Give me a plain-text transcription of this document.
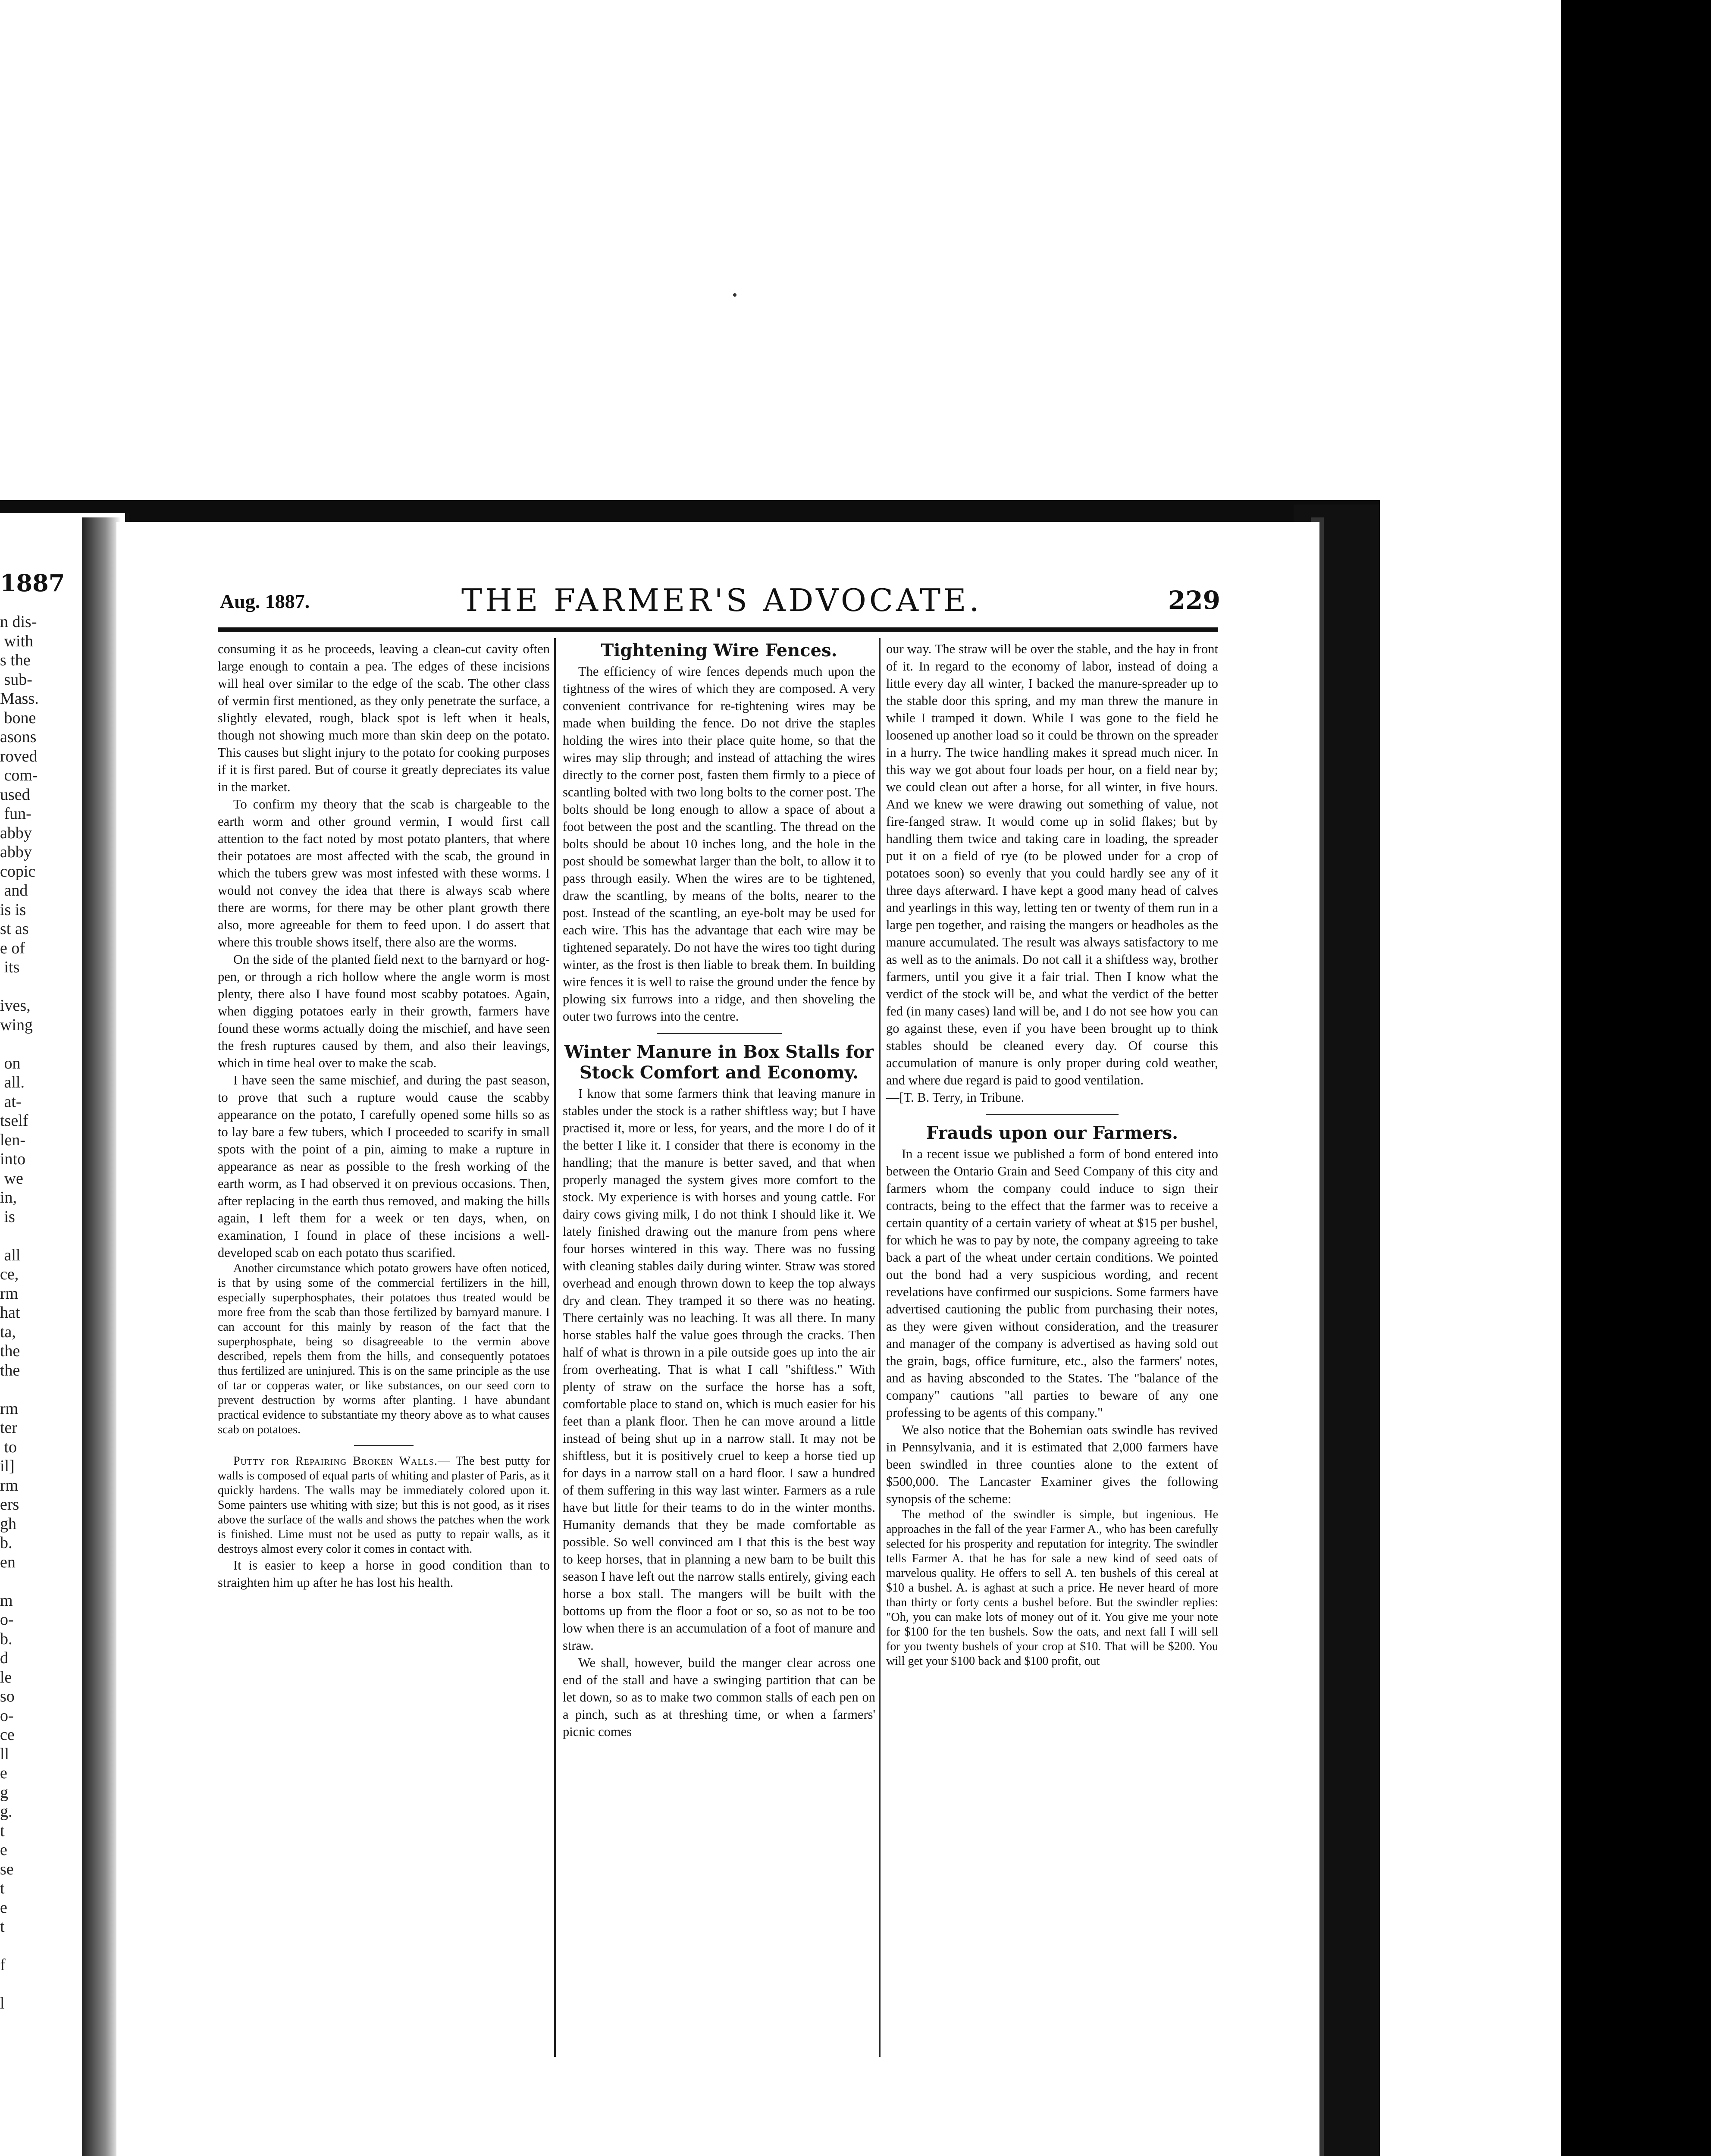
1887
n dis-
with
s the
sub-
Mass.
bone
asons
roved
com-
used
fun-
abby
abby
copic
and
is is
st as
e of
its

ives,
wing

on
all.
at-
tself
len-
into
we
in,
is

all
ce,
rm
hat
ta,
the
the

rm
ter
to
il]
rm
ers
gh
b.
en

m
o-
b.
d
le
so
o-
ce
ll
e
g
g.
t
e
se
t
e
t

f

l
Aug. 1887.	THE FARMER'S ADVOCATE.	229

consuming it as he proceeds, leaving a clean-cut cavity often large enough to contain a pea. The edges of these incisions will heal over similar to the edge of the scab. The other class of vermin first mentioned, as they only penetrate the surface, a slightly elevated, rough, black spot is left when it heals, though not showing much more than skin deep on the potato. This causes but slight injury to the potato for cooking purposes if it is first pared. But of course it greatly depreciates its value in the market.

To confirm my theory that the scab is chargeable to the earth worm and other ground vermin, I would first call attention to the fact noted by most potato planters, that where their potatoes are most affected with the scab, the ground in which the tubers grew was most infested with these worms. I would not convey the idea that there is always scab where there are worms, for there may be other plant growth there also, more agreeable for them to feed upon. I do assert that where this trouble shows itself, there also are the worms.

On the side of the planted field next to the barnyard or hog-pen, or through a rich hollow where the angle worm is most plenty, there also I have found most scabby potatoes. Again, when digging potatoes early in their growth, farmers have found these worms actually doing the mischief, and have seen the fresh ruptures caused by them, and also their leavings, which in time heal over to make the scab.

I have seen the same mischief, and during the past season, to prove that such a rupture would cause the scabby appearance on the potato, I carefully opened some hills so as to lay bare a few tubers, which I proceeded to scarify in small spots with the point of a pin, aiming to make a rupture in appearance as near as possible to the fresh working of the earth worm, as I had observed it on previous occasions. Then, after replacing in the earth thus removed, and making the hills again, I left them for a week or ten days, when, on examination, I found in place of these incisions a well-developed scab on each potato thus scarified.

Another circumstance which potato growers have often noticed, is that by using some of the commercial fertilizers in the hill, especially superphosphates, their potatoes thus treated would be more free from the scab than those fertilized by barnyard manure. I can account for this mainly by reason of the fact that the superphosphate, being so disagreeable to the vermin above described, repels them from the hills, and consequently potatoes thus fertilized are uninjured. This is on the same principle as the use of tar or copperas water, or like substances, on our seed corn to prevent destruction by worms after planting. I have abundant practical evidence to substantiate my theory above as to what causes scab on potatoes.

Putty for Repairing Broken Walls.— The best putty for walls is composed of equal parts of whiting and plaster of Paris, as it quickly hardens. The walls may be immediately colored upon it. Some painters use whiting with size; but this is not good, as it rises above the surface of the walls and shows the patches when the work is finished. Lime must not be used as putty to repair walls, as it destroys almost every color it comes in contact with.

It is easier to keep a horse in good condition than to straighten him up after he has lost his health.

Tightening Wire Fences.

The efficiency of wire fences depends much upon the tightness of the wires of which they are composed. A very convenient contrivance for re-tightening wires may be made when building the fence. Do not drive the staples holding the wires into their place quite home, so that the wires may slip through; and instead of attaching the wires directly to the corner post, fasten them firmly to a piece of scantling bolted with two long bolts to the corner post. The bolts should be long enough to allow a space of about a foot between the post and the scantling. The thread on the bolts should be about 10 inches long, and the hole in the post should be somewhat larger than the bolt, to allow it to pass through easily. When the wires are to be tightened, draw the scantling, by means of the bolts, nearer to the post. Instead of the scantling, an eye-bolt may be used for each wire. This has the advantage that each wire may be tightened separately. Do not have the wires too tight during winter, as the frost is then liable to break them. In building wire fences it is well to raise the ground under the fence by plowing six furrows into a ridge, and then shoveling the outer two furrows into the centre.

Winter Manure in Box Stalls for Stock Comfort and Economy.

I know that some farmers think that leaving manure in stables under the stock is a rather shiftless way; but I have practised it, more or less, for years, and the more I do of it the better I like it. I consider that there is economy in the handling; that the manure is better saved, and that when properly managed the system gives more comfort to the stock. My experience is with horses and young cattle. For dairy cows giving milk, I do not think I should like it. We lately finished drawing out the manure from pens where four horses wintered in this way. There was no fussing with cleaning stables daily during winter. Straw was stored overhead and enough thrown down to keep the top always dry and clean. They tramped it so there was no heating. There certainly was no leaching. It was all there. In many horse stables half the value goes through the cracks. Then half of what is thrown in a pile outside goes up into the air from overheating. That is what I call "shiftless." With plenty of straw on the surface the horse has a soft, comfortable place to stand on, which is much easier for his feet than a plank floor. Then he can move around a little instead of being shut up in a narrow stall. It may not be shiftless, but it is positively cruel to keep a horse tied up for days in a narrow stall on a hard floor. I saw a hundred of them suffering in this way last winter. Farmers as a rule have but little for their teams to do in the winter months. Humanity demands that they be made comfortable as possible. So well convinced am I that this is the best way to keep horses, that in planning a new barn to be built this season I have left out the narrow stalls entirely, giving each horse a box stall. The mangers will be built with the bottoms up from the floor a foot or so, so as not to be too low when there is an accumulation of a foot of manure and straw.

We shall, however, build the manger clear across one end of the stall and have a swinging partition that can be let down, so as to make two common stalls of each pen on a pinch, such as at threshing time, or when a farmers' picnic comes

our way. The straw will be over the stable, and the hay in front of it. In regard to the economy of labor, instead of doing a little every day all winter, I backed the manure-spreader up to the stable door this spring, and my man threw the manure in while I tramped it down. While I was gone to the field he loosened up another load so it could be thrown on the spreader in a hurry. The twice handling makes it spread much nicer. In this way we got about four loads per hour, on a field near by; we could clean out after a horse, for all winter, in five hours. And we knew we were drawing out something of value, not fire-fanged straw. It would come up in solid flakes; but by handling them twice and taking care in loading, the spreader put it on a field of rye (to be plowed under for a crop of potatoes soon) so evenly that you could hardly see any of it three days afterward. I have kept a good many head of calves and yearlings in this way, letting ten or twenty of them run in a large pen together, and raising the mangers or headholes as the manure accumulated. The result was always satisfactory to me as well as to the animals. Do not call it a shiftless way, brother farmers, until you give it a fair trial. Then I know what the verdict of the stock will be, and what the verdict of the better fed (in many cases) land will be, and I do not see how you can go against these, even if you have been brought up to think stables should be cleaned every day. Of course this accumulation of manure is only proper during cold weather, and where due regard is paid to good ventilation.

—[T. B. Terry, in Tribune.

Frauds upon our Farmers.

In a recent issue we published a form of bond entered into between the Ontario Grain and Seed Company of this city and farmers whom the company could induce to sign their contracts, being to the effect that the farmer was to receive a certain quantity of a certain variety of wheat at $15 per bushel, for which he was to pay by note, the company agreeing to take back a part of the wheat under certain conditions. We pointed out the bond had a very suspicious wording, and recent revelations have confirmed our suspicions. Some farmers have advertised cautioning the public from purchasing their notes, as they were given without consideration, and the treasurer and manager of the company is advertised as having sold out the grain, bags, office furniture, etc., also the farmers' notes, and as having absconded to the States. The "balance of the company" cautions "all parties to beware of any one professing to be agents of this company."

We also notice that the Bohemian oats swindle has revived in Pennsylvania, and it is estimated that 2,000 farmers have been swindled in three counties alone to the extent of $500,000. The Lancaster Examiner gives the following synopsis of the scheme:

The method of the swindler is simple, but ingenious. He approaches in the fall of the year Farmer A., who has been carefully selected for his prosperity and reputation for integrity. The swindler tells Farmer A. that he has for sale a new kind of seed oats of marvelous quality. He offers to sell A. ten bushels of this cereal at $10 a bushel. A. is aghast at such a price. He never heard of more than thirty or forty cents a bushel before. But the swindler replies: "Oh, you can make lots of money out of it. You give me your note for $100 for the ten bushels. Sow the oats, and next fall I will sell for you twenty bushels of your crop at $10. That will be $200. You will get your $100 back and $100 profit, out
